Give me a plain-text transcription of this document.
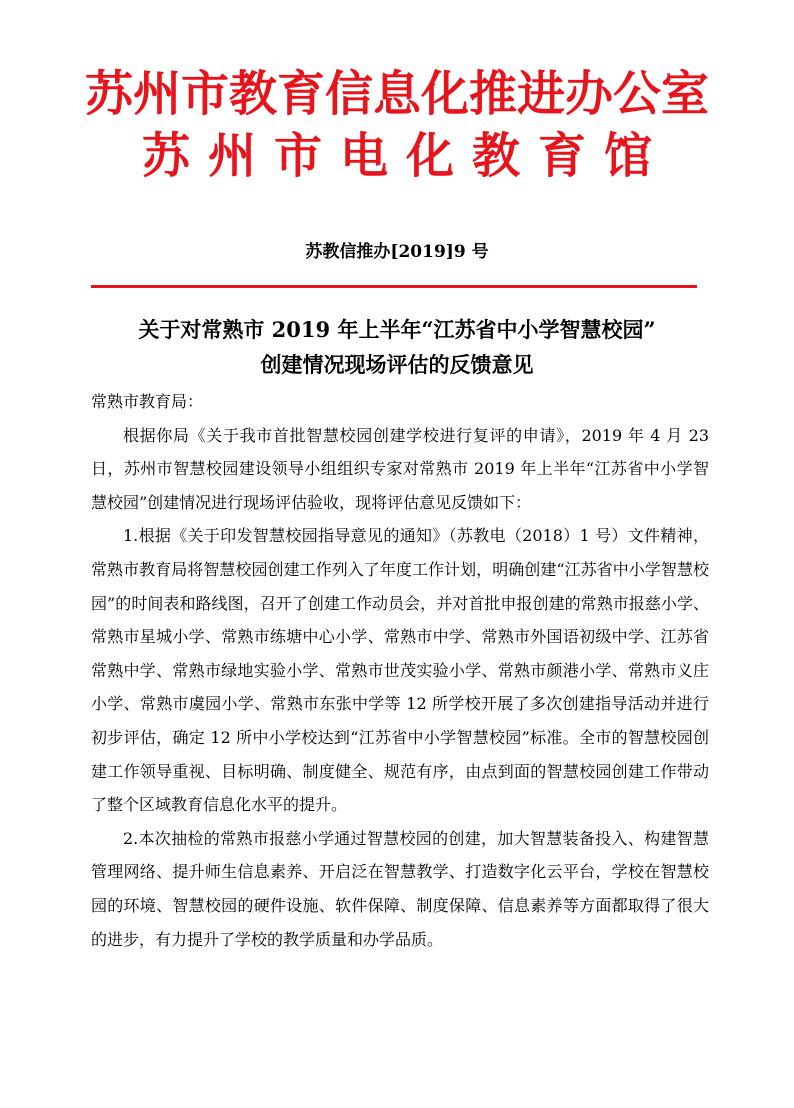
苏州市教育信息化推进办公室
苏州市电化教育馆
苏教信推办[2019]9 号
关于对常熟市 2019 年上半年“江苏省中小学智慧校园”
创建情况现场评估的反馈意见

常熟市教育局：

根据你局《关于我市首批智慧校园创建学校进行复评的申请》，2019 年 4 月 23 日，苏州市智慧校园建设领导小组组织专家对常熟市 2019 年上半年“江苏省中小学智慧校园”创建情况进行现场评估验收，现将评估意见反馈如下：

1.根据《关于印发智慧校园指导意见的通知》（苏教电（2018）1 号）文件精神，常熟市教育局将智慧校园创建工作列入了年度工作计划，明确创建“江苏省中小学智慧校园”的时间表和路线图，召开了创建工作动员会，并对首批申报创建的常熟市报慈小学、常熟市星城小学、常熟市练塘中心小学、常熟市中学、常熟市外国语初级中学、江苏省常熟中学、常熟市绿地实验小学、常熟市世茂实验小学、常熟市颜港小学、常熟市义庄小学、常熟市虞园小学、常熟市东张中学等 12 所学校开展了多次创建指导活动并进行初步评估，确定 12 所中小学校达到“江苏省中小学智慧校园”标准。全市的智慧校园创建工作领导重视、目标明确、制度健全、规范有序，由点到面的智慧校园创建工作带动了整个区域教育信息化水平的提升。

2.本次抽检的常熟市报慈小学通过智慧校园的创建，加大智慧装备投入、构建智慧管理网络、提升师生信息素养、开启泛在智慧教学、打造数字化云平台，学校在智慧校园的环境、智慧校园的硬件设施、软件保障、制度保障、信息素养等方面都取得了很大的进步，有力提升了学校的教学质量和办学品质。
